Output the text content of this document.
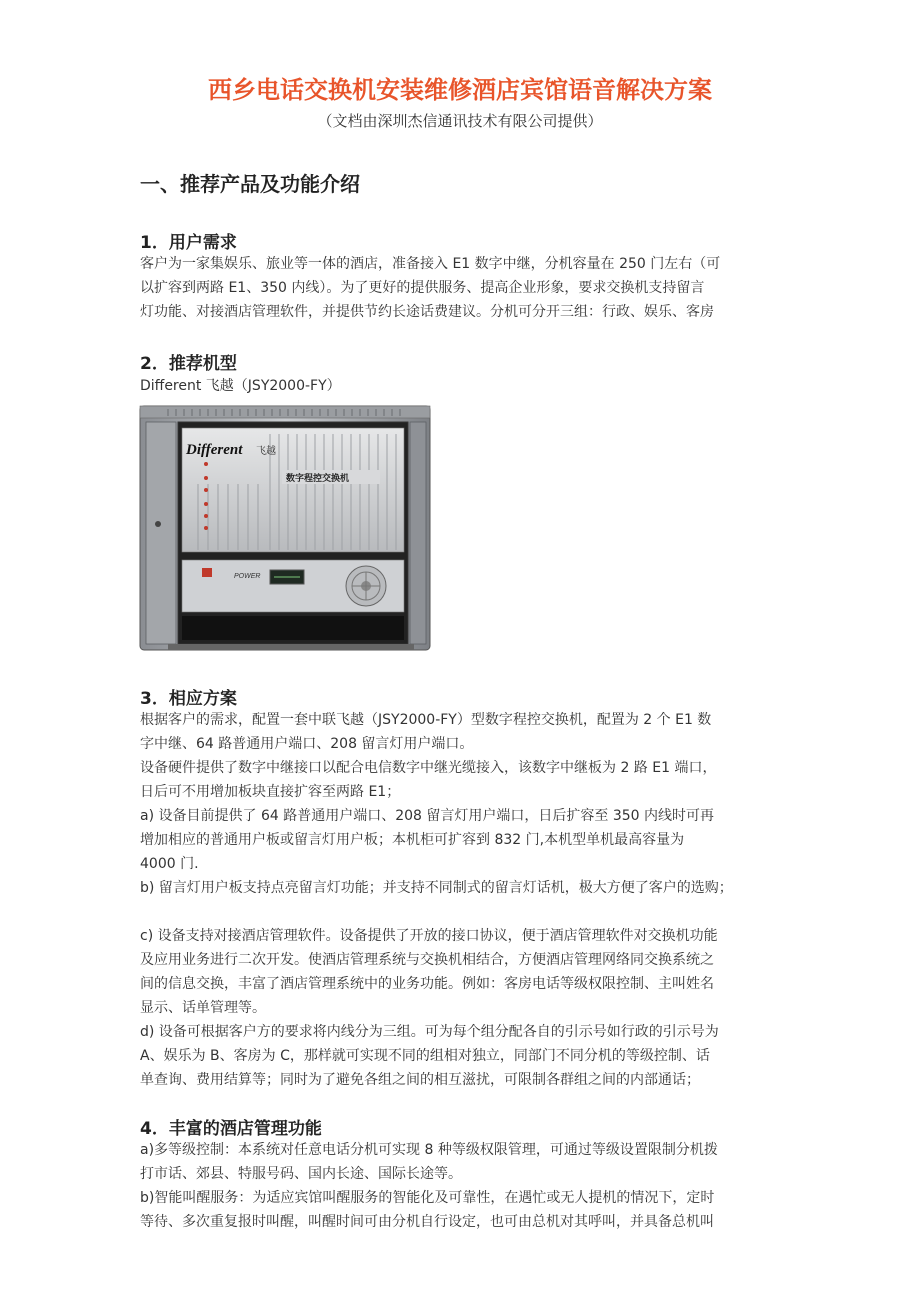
西乡电话交换机安装维修酒店宾馆语音解决方案
（文档由深圳杰信通讯技术有限公司提供）
一、推荐产品及功能介绍
1．用户需求
客户为一家集娱乐、旅业等一体的酒店，准备接入 E1 数字中继，分机容量在 250 门左右（可
以扩容到两路 E1、350 内线）。为了更好的提供服务、提高企业形象，要求交换机支持留言
灯功能、对接酒店管理软件，并提供节约长途话费建议。分机可分开三组：行政、娱乐、客房
2．推荐机型
Different 飞越（JSY2000-FY）
Different 飞越
数字程控交换机
POWER
3．相应方案
根据客户的需求，配置一套中联飞越（JSY2000-FY）型数字程控交换机，配置为 2 个 E1 数
字中继、64 路普通用户端口、208 留言灯用户端口。
设备硬件提供了数字中继接口以配合电信数字中继光缆接入，该数字中继板为 2 路 E1 端口，
日后可不用增加板块直接扩容至两路 E1；
a) 设备目前提供了 64 路普通用户端口、208 留言灯用户端口，日后扩容至 350 内线时可再
增加相应的普通用户板或留言灯用户板；本机柜可扩容到 832 门,本机型单机最高容量为
4000 门.
b) 留言灯用户板支持点亮留言灯功能；并支持不同制式的留言灯话机，极大方便了客户的选购；
c) 设备支持对接酒店管理软件。设备提供了开放的接口协议，便于酒店管理软件对交换机功能
及应用业务进行二次开发。使酒店管理系统与交换机相结合，方便酒店管理网络同交换系统之
间的信息交换，丰富了酒店管理系统中的业务功能。例如：客房电话等级权限控制、主叫姓名
显示、话单管理等。
d) 设备可根据客户方的要求将内线分为三组。可为每个组分配各自的引示号如行政的引示号为
A、娱乐为 B、客房为 C，那样就可实现不同的组相对独立，同部门不同分机的等级控制、话
单查询、费用结算等；同时为了避免各组之间的相互滋扰，可限制各群组之间的内部通话；
4．丰富的酒店管理功能
a)多等级控制：本系统对任意电话分机可实现 8 种等级权限管理，可通过等级设置限制分机拨
打市话、郊县、特服号码、国内长途、国际长途等。
b)智能叫醒服务：为适应宾馆叫醒服务的智能化及可靠性，在遇忙或无人提机的情况下，定时
等待、多次重复报时叫醒，叫醒时间可由分机自行设定，也可由总机对其呼叫，并具备总机叫
